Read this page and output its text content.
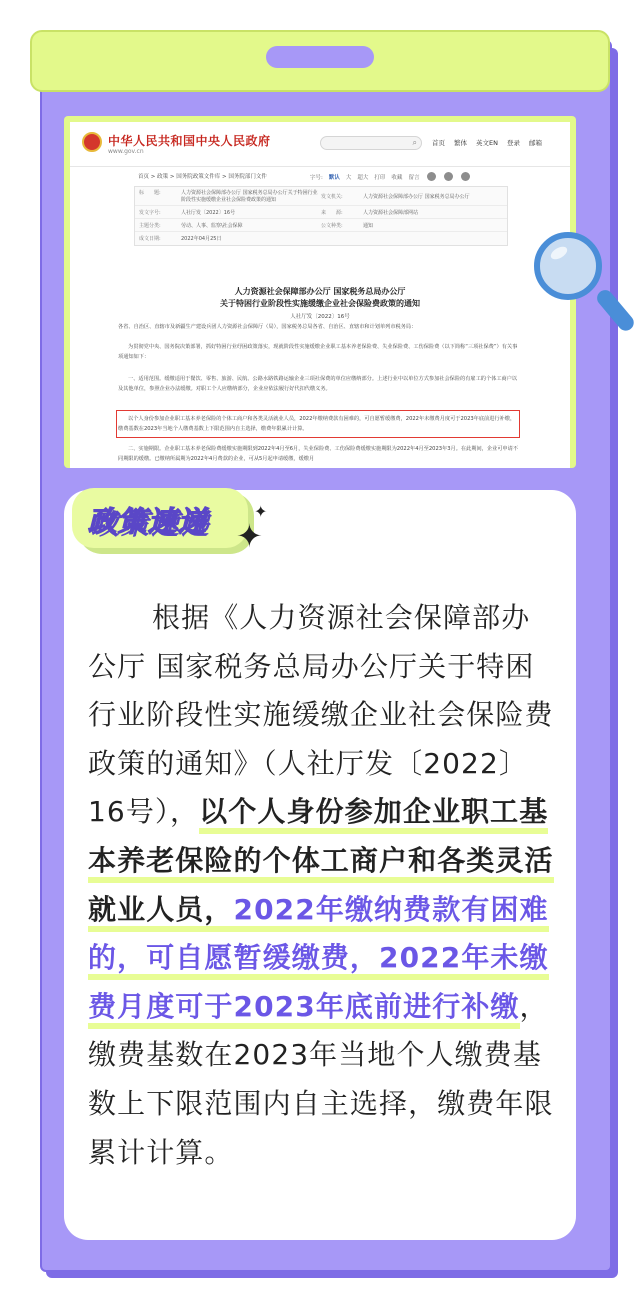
中华人民共和国中央人民政府
www.gov.cn
⌕ 首页 繁体 英文EN 登录 邮箱
首页 > 政策 > 国务院政策文件库 > 国务院部门文件	字号: 默认 大 超大 打印 收藏 留言
标　　题:	人力资源社会保障部办公厅 国家税务总局办公厅关于特困行业阶段性实施缓缴企业社会保险费政策的通知
发文机关:	人力资源社会保障部办公厅 国家税务总局办公厅
发文字号:	人社厅发〔2022〕16号	来　　源:	人力资源社会保障部网站
主题分类:	劳动、人事、监察\社会保障	公文种类:	通知
成文日期:	2022年04月25日
人力资源社会保障部办公厅 国家税务总局办公厅
关于特困行业阶段性实施缓缴企业社会保险费政策的通知
人社厅发〔2022〕16号
各省、自治区、直辖市及新疆生产建设兵团人力资源社会保障厅（局），国家税务总局各省、自治区、直辖市和计划单列市税务局：
为贯彻党中央、国务院决策部署，抓好特困行业纾困政策落实，现就阶段性实施缓缴企业职工基本养老保险费、失业保险费、工伤保险费（以下简称“三项社保费”）有关事项通知如下：
一、适用范围。缓缴适用于餐饮、零售、旅游、民航、公路水路铁路运输企业三项社保费的单位应缴纳部分。上述行业中以单位方式参加社会保险的有雇工的个体工商户以及其他单位，参照企业办法缓缴。对职工个人应缴纳部分，企业应依法履行好代扣代缴义务。
以个人身份参加企业职工基本养老保险的个体工商户和各类灵活就业人员，2022年缴纳费款有困难的，可自愿暂缓缴费，2022年未缴费月度可于2023年底前进行补缴，缴费基数在2023年当地个人缴费基数上下限范围内自主选择，缴费年限累计计算。
二、实施期限。企业职工基本养老保险费缓缴实施期限到2022年4月至6月，失业保险费、工伤保险费缓缴实施期限为2022年4月至2023年3月。在此期间，企业可申请不同期限的缓缴。已缴纳所属期为2022年4月费款的企业，可从5月起申请缓缴，缓缴月
政策速递 ✦
✦
根据《人力资源社会保障部办公厅 国家税务总局办公厅关于特困行业阶段性实施缓缴企业社会保险费政策的通知》（人社厅发〔2022〕16号），以个人身份参加企业职工基本养老保险的个体工商户和各类灵活就业人员，2022年缴纳费款有困难的，可自愿暂缓缴费，2022年未缴费月度可于2023年底前进行补缴，缴费基数在2023年当地个人缴费基数上下限范围内自主选择，缴费年限累计计算。
